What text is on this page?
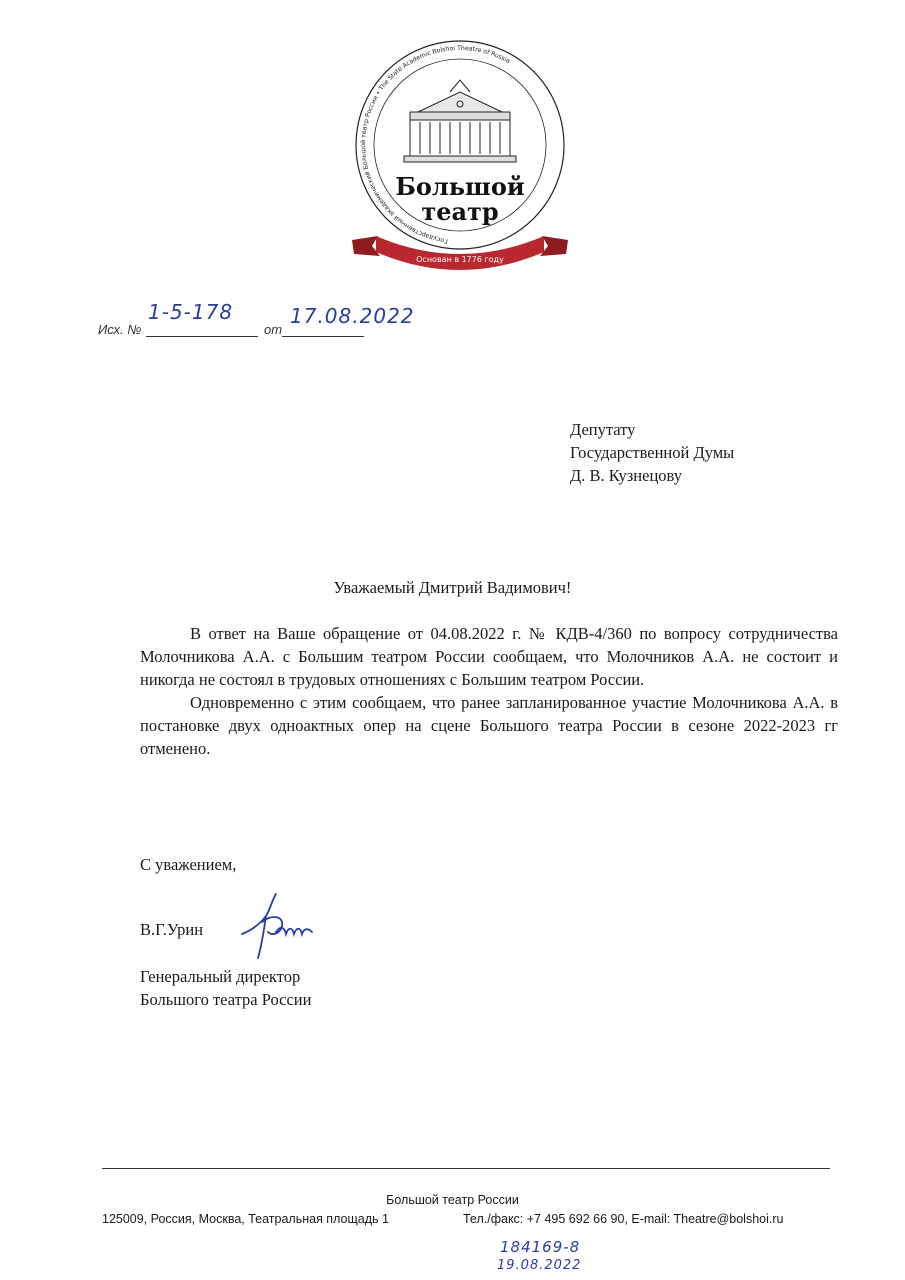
Государственный академический Большой театр России • The State Academic Bolshoi Theatre of Russia
Большой
театр
Основан в 1776 году
Исх. №
1-5-178
от
17.08.2022
Депутату
Государственной Думы
Д. В. Кузнецову
Уважаемый Дмитрий Вадимович!

В ответ на Ваше обращение от 04.08.2022 г. № КДВ-4/360 по вопросу сотрудничества Молочникова А.А. с Большим театром России сообщаем, что Молочников А.А. не состоит и никогда не состоял в трудовых отношениях с Большим театром России.

Одновременно с этим сообщаем, что ранее запланированное участие Молочникова А.А. в постановке двух одноактных опер на сцене Большого театра России в сезоне 2022-2023 гг отменено.

С уважением,
В.Г.Урин
Генеральный директор
Большого театра России
Большой театр России
125009, Россия, Москва, Театральная площадь 1	Тел./факс: +7 495 692 66 90, E-mail: Theatre@bolshoi.ru
184169-8
19.08.2022
